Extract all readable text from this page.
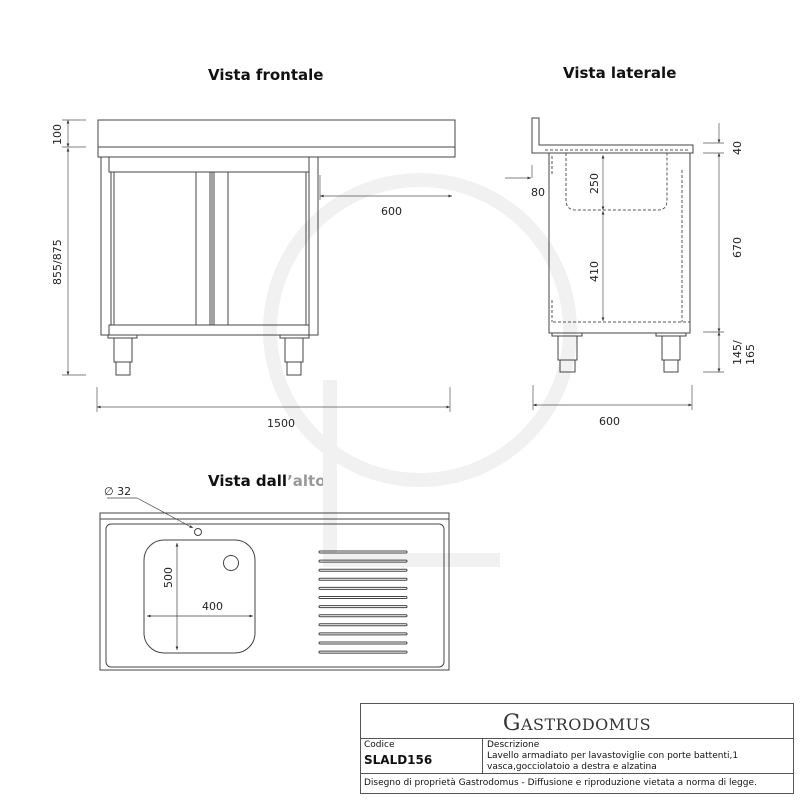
Vista frontale	Vista laterale
Vista dall’alto
100
855/875
1500
600
40
670
145/ 165
250
410
80
600
∅ 32
500
400
GASTRODOMUS
Codice
SLALD156
Descrizione
Lavello armadiato per lavastoviglie con porte battenti,1 vasca,gocciolatoio a destra e alzatina
Disegno di proprietà Gastrodomus - Diffusione e riproduzione vietata a norma di legge.
